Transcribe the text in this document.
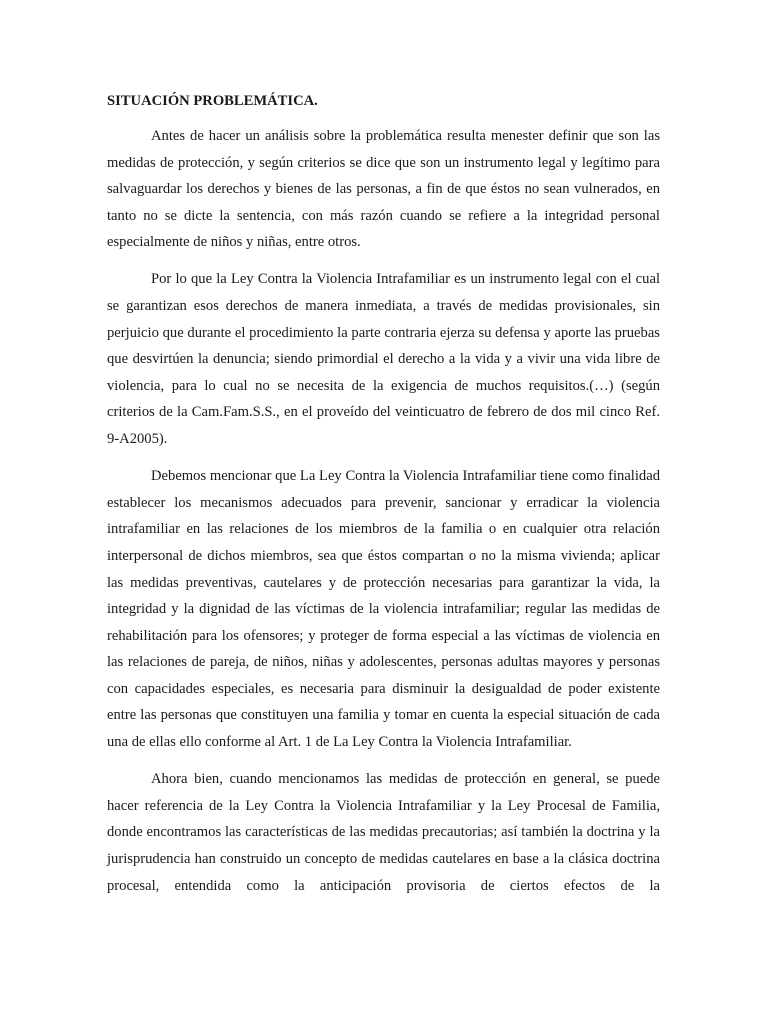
SITUACIÓN PROBLEMÁTICA.

Antes de hacer un análisis sobre la problemática resulta menester definir que son las medidas de protección, y según criterios se dice que son un instrumento legal y legítimo para salvaguardar los derechos y bienes de las personas, a fin de que éstos no sean vulnerados, en tanto no se dicte la sentencia, con más razón cuando se refiere a la integridad personal especialmente de niños y niñas, entre otros.

Por lo que la Ley Contra la Violencia Intrafamiliar es un instrumento legal con el cual se garantizan esos derechos de manera inmediata, a través de medidas provisionales, sin perjuicio que durante el procedimiento la parte contraria ejerza su defensa y aporte las pruebas que desvirtúen la denuncia; siendo primordial el derecho a la vida y a vivir una vida libre de violencia, para lo cual no se necesita de la exigencia de muchos requisitos.(…) (según criterios de la Cam.Fam.S.S., en el proveído del veinticuatro de febrero de dos mil cinco Ref. 9-A2005).

Debemos mencionar que La Ley Contra la Violencia Intrafamiliar tiene como finalidad establecer los mecanismos adecuados para prevenir, sancionar y erradicar la violencia intrafamiliar en las relaciones de los miembros de la familia o en cualquier otra relación interpersonal de dichos miembros, sea que éstos compartan o no la misma vivienda; aplicar las medidas preventivas, cautelares y de protección necesarias para garantizar la vida, la integridad y la dignidad de las víctimas de la violencia intrafamiliar; regular las medidas de rehabilitación para los ofensores; y proteger de forma especial a las víctimas de violencia en las relaciones de pareja, de niños, niñas y adolescentes, personas adultas mayores y personas con capacidades especiales, es necesaria para disminuir la desigualdad de poder existente entre las personas que constituyen una familia y tomar en cuenta la especial situación de cada una de ellas ello conforme al Art. 1 de La Ley Contra la Violencia Intrafamiliar.

Ahora bien, cuando mencionamos las medidas de protección en general, se puede hacer referencia de la Ley Contra la Violencia Intrafamiliar y la Ley Procesal de Familia, donde encontramos las características de las medidas precautorias; así también la doctrina y la jurisprudencia han construido un concepto de medidas cautelares en base a la clásica doctrina procesal, entendida como la anticipación provisoria de ciertos efectos de la
